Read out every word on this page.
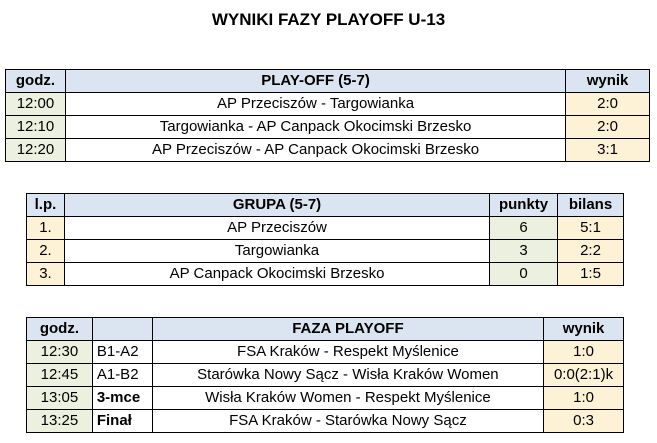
WYNIKI FAZY PLAYOFF U-13
godz.	PLAY-OFF (5-7)	wynik
12:00	AP Przeciszów - Targowianka	2:0
12:10	Targowianka - AP Canpack Okocimski Brzesko	2:0
12:20	AP Przeciszów - AP Canpack Okocimski Brzesko	3:1
l.p.	GRUPA (5-7)	punkty	bilans
1.	AP Przeciszów	6	5:1
2.	Targowianka	3	2:2
3.	AP Canpack Okocimski Brzesko	0	1:5
godz.		FAZA PLAYOFF	wynik
12:30	B1-A2	FSA Kraków - Respekt Myślenice	1:0
12:45	A1-B2	Starówka Nowy Sącz - Wisła Kraków Women	0:0(2:1)k
13:05	3-mce	Wisła Kraków Women - Respekt Myślenice	1:0
13:25	Finał	FSA Kraków - Starówka Nowy Sącz	0:3
